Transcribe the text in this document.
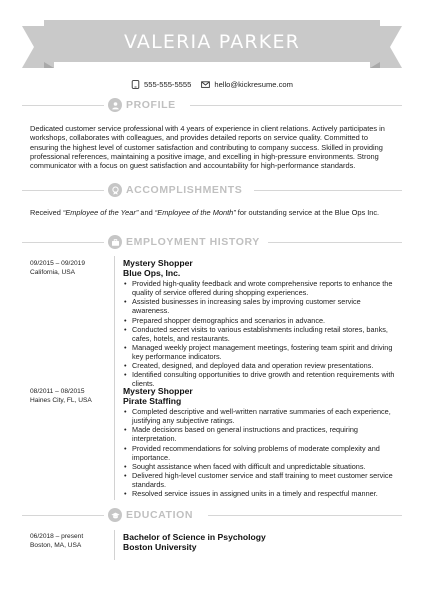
VALERIA PARKER
555-555-5555	hello@kickresume.com
PROFILE
Dedicated customer service professional with 4 years of experience in client relations. Actively participates in workshops, collaborates with colleagues, and provides detailed reports on service quality. Committed to ensuring the highest level of customer satisfaction and contributing to company success. Skilled in providing professional references, maintaining a positive image, and excelling in high-pressure environments. Strong communicator with a focus on guest satisfaction and accountability for high-performance standards.
ACCOMPLISHMENTS
Received “Employee of the Year” and “Employee of the Month” for outstanding service at the Blue Ops Inc.
EMPLOYMENT HISTORY
09/2015 – 09/2019
California, USA
Mystery Shopper
Blue Ops, Inc.
• Provided high-quality feedback and wrote comprehensive reports to enhance the quality of service offered during shopping experiences.
• Assisted businesses in increasing sales by improving customer service awareness.
• Prepared shopper demographics and scenarios in advance.
• Conducted secret visits to various establishments including retail stores, banks, cafes, hotels, and restaurants.
• Managed weekly project management meetings, fostering team spirit and driving key performance indicators.
• Created, designed, and deployed data and operation review presentations.
• Identified consulting opportunities to drive growth and retention requirements with clients.
08/2011 – 08/2015
Haines City, FL, USA
Mystery Shopper
Pirate Staffing
• Completed descriptive and well-written narrative summaries of each experience, justifying any subjective ratings.
• Made decisions based on general instructions and practices, requiring interpretation.
• Provided recommendations for solving problems of moderate complexity and importance.
• Sought assistance when faced with difficult and unpredictable situations.
• Delivered high-level customer service and staff training to meet customer service standards.
• Resolved service issues in assigned units in a timely and respectful manner.
EDUCATION
06/2018 – present
Boston, MA, USA
Bachelor of Science in Psychology
Boston University
